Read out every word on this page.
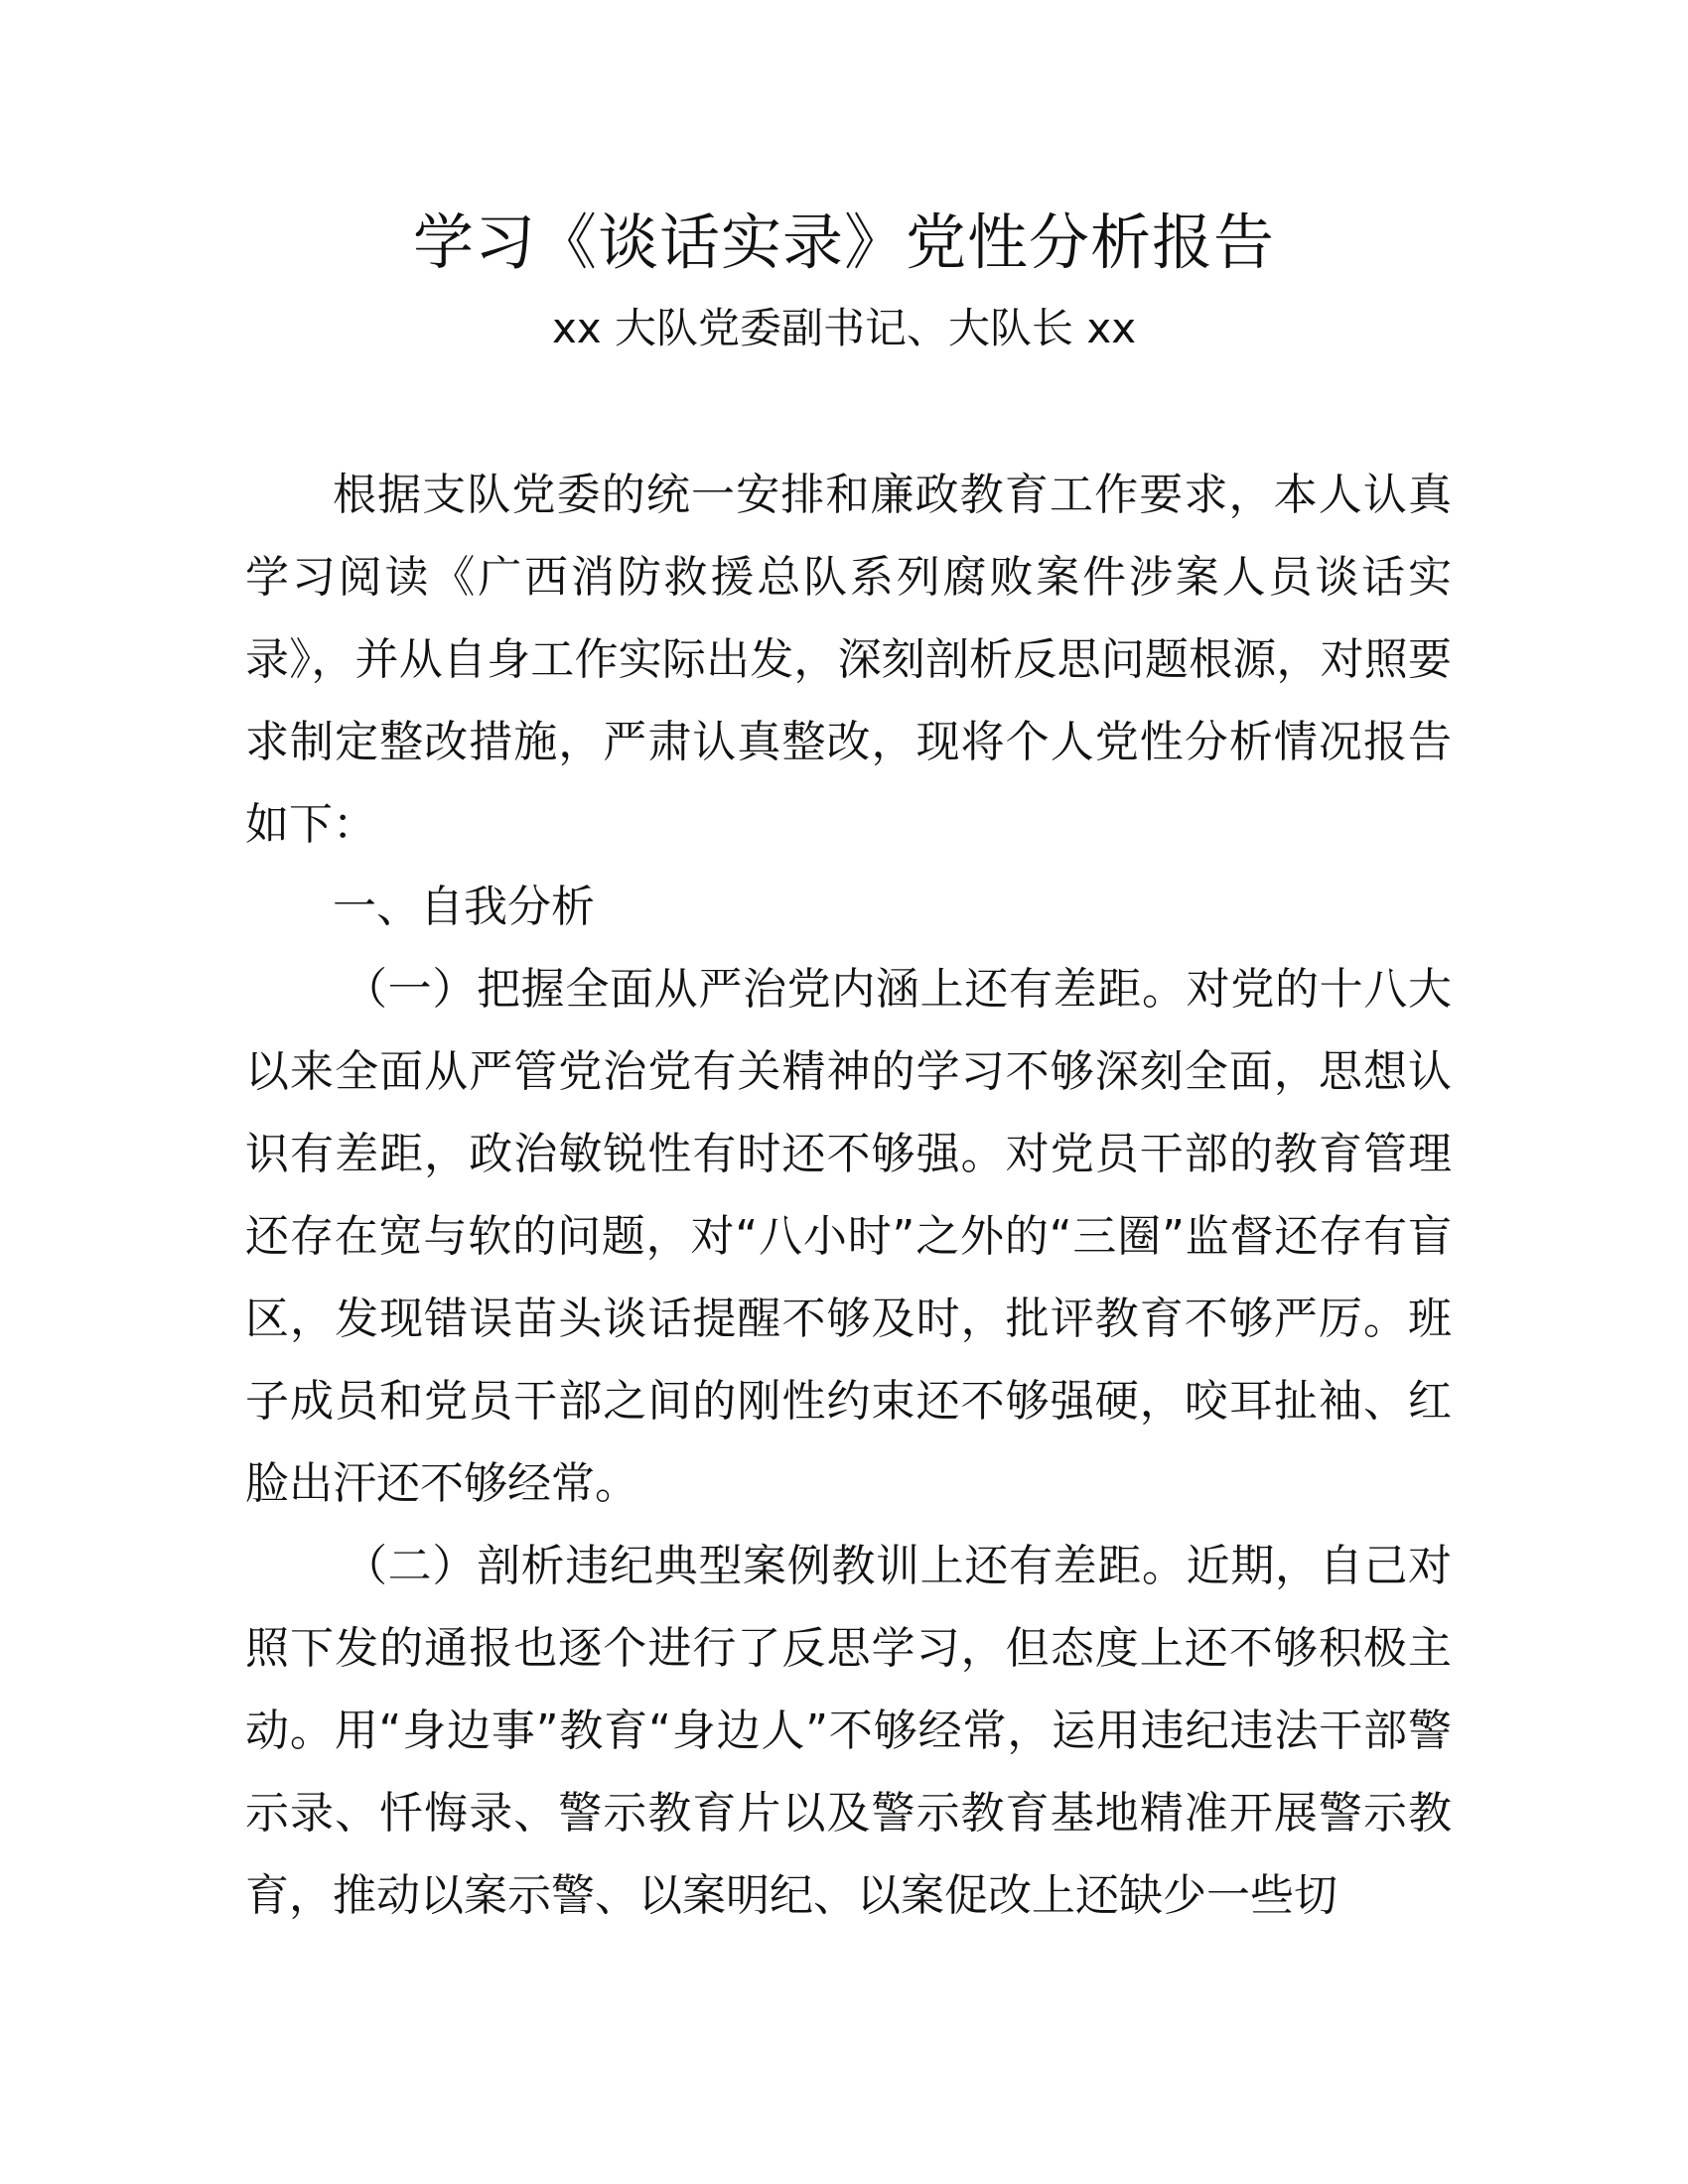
学习《谈话实录》党性分析报告
xx 大队党委副书记、大队长 xx

根据支队党委的统一安排和廉政教育工作要求，本人认真学习阅读《广西消防救援总队系列腐败案件涉案人员谈话实录》，并从自身工作实际出发，深刻剖析反思问题根源，对照要求制定整改措施，严肃认真整改，现将个人党性分析情况报告如下：

一、自我分析

（一）把握全面从严治党内涵上还有差距。对党的十八大以来全面从严管党治党有关精神的学习不够深刻全面，思想认识有差距，政治敏锐性有时还不够强。对党员干部的教育管理还存在宽与软的问题，对“八小时”之外的“三圈”监督还存有盲区，发现错误苗头谈话提醒不够及时，批评教育不够严厉。班子成员和党员干部之间的刚性约束还不够强硬，咬耳扯袖、红脸出汗还不够经常。

（二）剖析违纪典型案例教训上还有差距。近期，自己对照下发的通报也逐个进行了反思学习，但态度上还不够积极主动。用“身边事”教育“身边人”不够经常，运用违纪违法干部警示录、忏悔录、警示教育片以及警示教育基地精准开展警示教育，推动以案示警、以案明纪、以案促改上还缺少一些切
